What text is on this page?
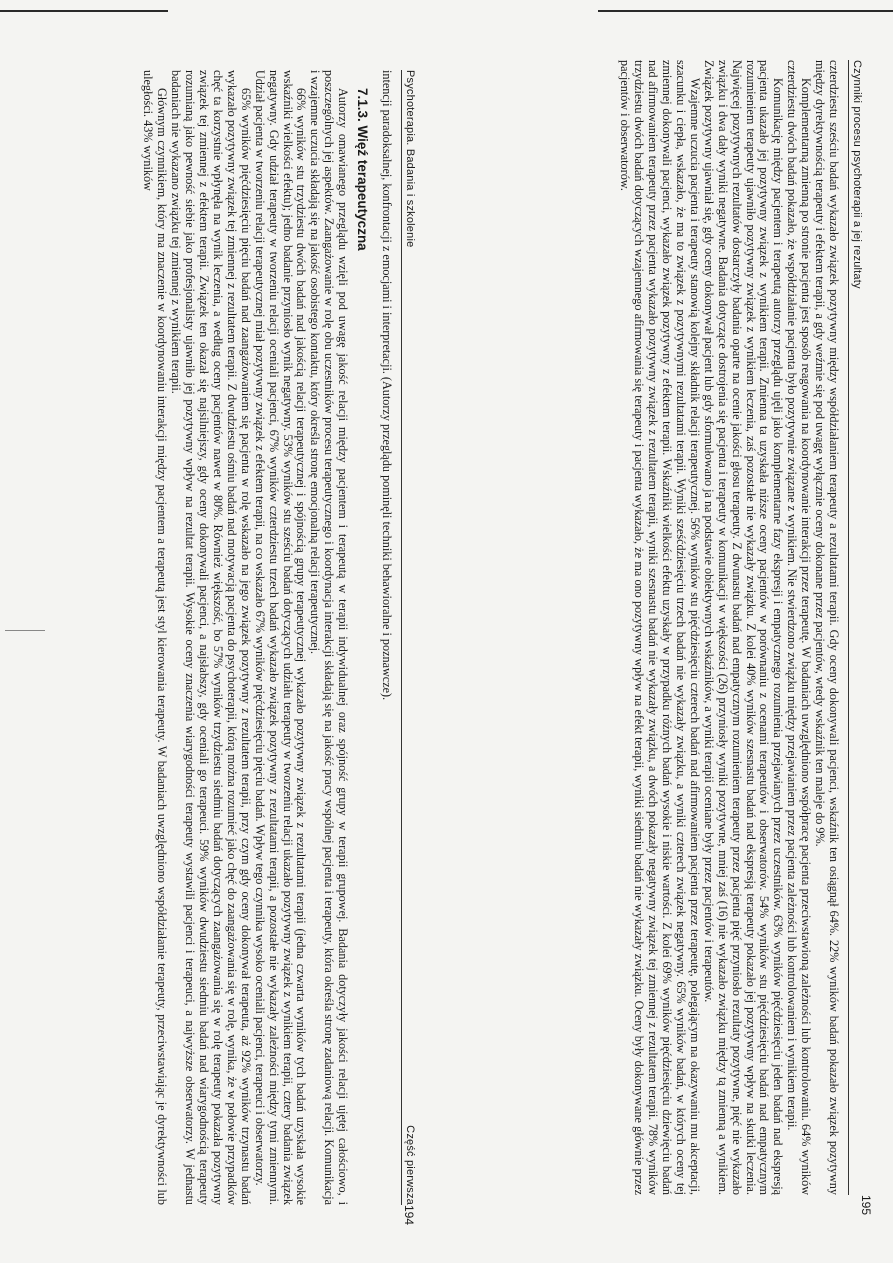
Psychoterapia. Badania i szkolenie
Część pierwsza

intencji paradoksalnej, konfrontacji z emocjami i interpretacji. (Autorzy przeglądu pominęli techniki behawioralne i poznawcze).

7.1.3. Więź terapeutyczna

Autorzy omawianego przeglądu wzięli pod uwagę jakość relacji między pacjentem i terapeutą w terapii indywidualnej oraz spójność grupy w terapii grupowej. Badania dotyczyły jakości relacji ujętej całościowo, i poszczególnych jej aspektów. Zaangażowanie w rolę obu uczestników procesu terapeutycznego i koordynacja interakcji składają się na jakość pracy wspólnej pacjenta i terapeuty, która określa stronę zadaniową relacji. Komunikacja i wzajemne uczucia składają się na jakość osobistego kontaktu, który określa stronę emocjonalną relacji terapeutycznej.

66% wyników stu trzydziestu dwóch badań nad jakością relacji terapeutycznej i spójnością grupy terapeutycznej wykazało pozytywny związek z rezultatami terapii (jedna czwarta wyników tych badań uzyskała wysokie wskaźniki wielkości efektu); jedno badanie przyniosło wynik negatywny. 53% wyników stu sześciu badań dotyczących udziału terapeuty w tworzeniu relacji ukazało pozytywny związek z wynikiem terapii, cztery badania związek negatywny. Gdy udział terapeuty w tworzeniu relacji oceniali pacjenci, 67% wyników czterdziestu trzech badań wykazało związek pozytywny z rezultatami terapii, a pozostałe nie wykazały zależności między tymi zmiennymi. Udział pacjenta w tworzeniu relacji terapeutycznej miał pozytywny związek z efektem terapii, na co wskazało 67% wyników pięćdziesięciu pięciu badań. Wpływ tego czynnika wysoko oceniali pacjenci, terapeuci i obserwatorzy.

65% wyników pięćdziesięciu pięciu badań nad zaangażowaniem się pacjenta w rolę wskazało na jego związek pozytywny z rezultatem terapii, przy czym gdy oceny dokonywał terapeuta, aż 92% wyników trzynastu badań wykazało pozytywny związek tej zmiennej z rezultatem terapii. Z dwudziestu ośmiu badań nad motywacją pacjenta do psychoterapii, którą można rozumieć jako chęć do zaangażowania się w rolę, wynika, że w połowie przypadków chęć ta korzystnie wpłynęła na wynik leczenia, a według oceny pacjentów nawet w 80%. Również większość, bo 57% wyników trzydziestu siedmiu badań dotyczących zaangażowania się w rolę terapeuty pokazała pozytywny związek tej zmiennej z efektem terapii. Związek ten okazał się najsilniejszy, gdy oceny dokonywali pacjenci, a najsłabszy, gdy oceniali go terapeuci. 59% wyników dwudziestu siedmiu badań nad wiarygodnością terapeuty rozumianą jako pewność siebie jako profesjonalisty ujawniło jej pozytywny wpływ na rezultat terapii. Wysokie oceny znaczenia wiarygodności terapeuty wystawili pacjenci i terapeuci, a najwyższe obserwatorzy. W jednastu badaniach nie wykazano związku tej zmiennej z wynikiem terapii.

Głównym czynnikiem, który ma znaczenie w koordynowaniu interakcji między pacjentem a terapeutą jest styl kierowania terapeuty. W badaniach uwzględniono współdziałanie terapeuty, przeciwstawiając je dyrektywności lub uległości. 43% wyników

194
Czynniki procesu psychoterapii a jej rezultaty

czterdziestu sześciu badań wykazało związek pozytywny między współdziałaniem terapeuty a rezultatami terapii. Gdy oceny dokonywali pacjenci, wskaźnik ten osiągnął 64%. 22% wyników badań pokazało związek pozytywny między dyrektywnością terapeuty i efektem terapii, a gdy weźmie się pod uwagę wyłącznie oceny dokonane przez pacjentów, wtedy wskaźnik ten maleje do 9%.

Komplementarną zmienną po stronie pacjenta jest sposób reagowania na koordynowanie interakcji przez terapeutę. W badaniach uwzględniono współpracę pacjenta przeciwstawioną zależności lub kontrolowaniu. 64% wyników czterdziestu dwóch badań pokazało, że współdziałanie pacjenta było pozytywnie związane z wynikiem. Nie stwierdzono związku między przejawianiem przez pacjenta zależności lub kontrolowaniem i wynikiem terapii.

Komunikację między pacjentem i terapeutą autorzy przeglądu ujęli jako komplementarne fazy ekspresji i empatycznego rozumienia przejawianych przez uczestników. 63% wyników pięćdziesięciu jeden badań nad ekspresją pacjenta ukazało jej pozytywny związek z wynikiem terapii. Zmienna ta uzyskała niższe oceny pacjentów w porównaniu z ocenami terapeutów i obserwatorów. 54% wyników stu pięćdziesięciu badań nad empatycznym rozumieniem terapeuty ujawniło pozytywny związek z wynikiem leczenia, zaś pozostałe nie wykazały związku. Z kolei 40% wyników szesnastu badań nad ekspresją terapeuty pokazało jej pozytywny wpływ na skutki leczenia. Najwięcej pozytywnych rezultatów dostarczyły badania oparte na ocenie jakości głosu terapeuty. Z dwunastu badań nad empatycznym rozumieniem terapeuty przez pacjenta pięć przyniosło rezultaty pozytywne, pięć nie wykazało związku i dwa dały wyniki negatywne. Badania dotyczące dostrojenia się pacjenta i terapeuty w komunikacji w większości (26) przyniosły wyniki pozytywne, mniej zaś (16) nie wykazało związku między tą zmienną a wynikiem. Związek pozytywny ujawniał się, gdy oceny dokonywał pacjent lub gdy sformułowano ja na podstawie obiektywnych wskaźników, a wyniki terapii oceniane były przez pacjentów i terapeutów.

Wzajemne uczucia pacjenta i terapeuty stanowią kolejny składnik relacji terapeutycznej. 56% wyników stu pięćdziesięciu czterech badań nad afirmowaniem pacjenta przez terapeutę, polegającym na okazywaniu mu akceptacji, szacunku i ciepła, wskazało, że ma to związek z pozytywnymi rezultatami terapii. Wyniki sześćdziesięciu trzech badań nie wykazały związku, a wyniki czterech związek negatywny. 65% wyników badań, w których oceny tej zmiennej dokonywali pacjenci, wykazało związek pozytywny z efektem terapii. Wskaźniki wielkości efektu uzyskały w przypadku różnych badań wysokie i niskie wartości. Z kolei 69% wyników pięćdziesięciu dziewięciu badań nad afirmowaniem terapeuty przez pacjenta wykazało pozytywny związek z rezultatem terapii, wyniki szesnastu badań nie wykazały związku, a dwóch pokazały negatywny związek tej zmiennej z rezultatem terapii. 78% wyników trzydziestu dwóch badań dotyczących wzajemnego afirmowania się terapeuty i pacjenta wykazało, że ma ono pozytywny wpływ na efekt terapii, wyniki siedmiu badań nie wykazały związku. Oceny były dokonywane głównie przez pacjentów i obserwatorów.

195
